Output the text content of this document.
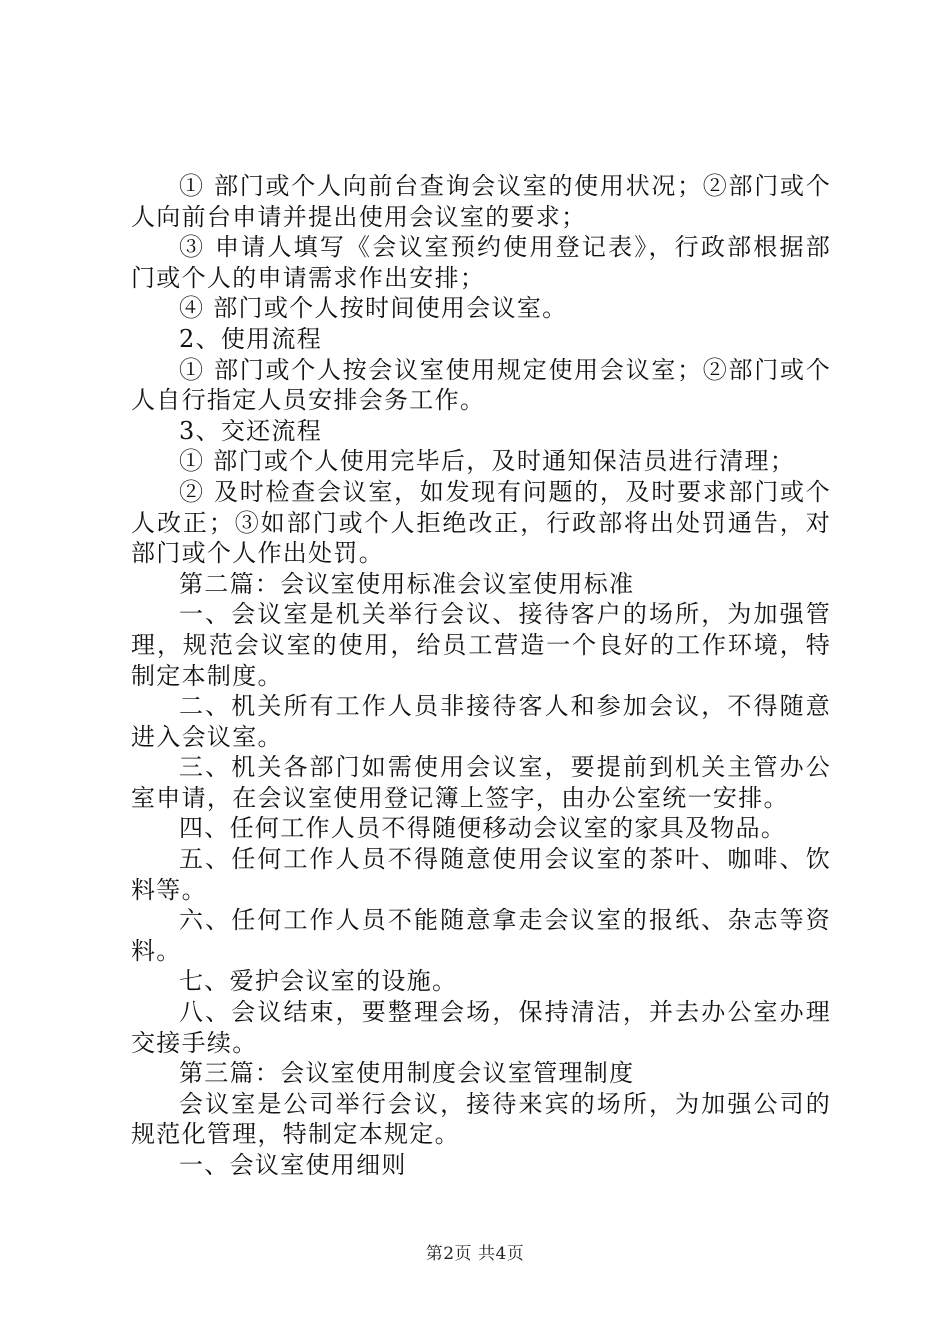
① 部门或个人向前台查询会议室的使用状况；②部门或个人向前台申请并提出使用会议室的要求；

③ 申请人填写《会议室预约使用登记表》，行政部根据部门或个人的申请需求作出安排；

④ 部门或个人按时间使用会议室。

2、使用流程

① 部门或个人按会议室使用规定使用会议室；②部门或个人自行指定人员安排会务工作。

3、交还流程

① 部门或个人使用完毕后，及时通知保洁员进行清理；

② 及时检查会议室，如发现有问题的，及时要求部门或个人改正；③如部门或个人拒绝改正，行政部将出处罚通告，对部门或个人作出处罚。

第二篇：会议室使用标准会议室使用标准

一、会议室是机关举行会议、接待客户的场所，为加强管理，规范会议室的使用，给员工营造一个良好的工作环境，特制定本制度。

二、机关所有工作人员非接待客人和参加会议，不得随意进入会议室。

三、机关各部门如需使用会议室，要提前到机关主管办公室申请，在会议室使用登记簿上签字，由办公室统一安排。

四、任何工作人员不得随便移动会议室的家具及物品。

五、任何工作人员不得随意使用会议室的茶叶、咖啡、饮料等。

六、任何工作人员不能随意拿走会议室的报纸、杂志等资料。

七、爱护会议室的设施。

八、会议结束，要整理会场，保持清洁，并去办公室办理交接手续。

第三篇：会议室使用制度会议室管理制度

会议室是公司举行会议，接待来宾的场所，为加强公司的规范化管理，特制定本规定。

一、会议室使用细则

第2页 共4页
